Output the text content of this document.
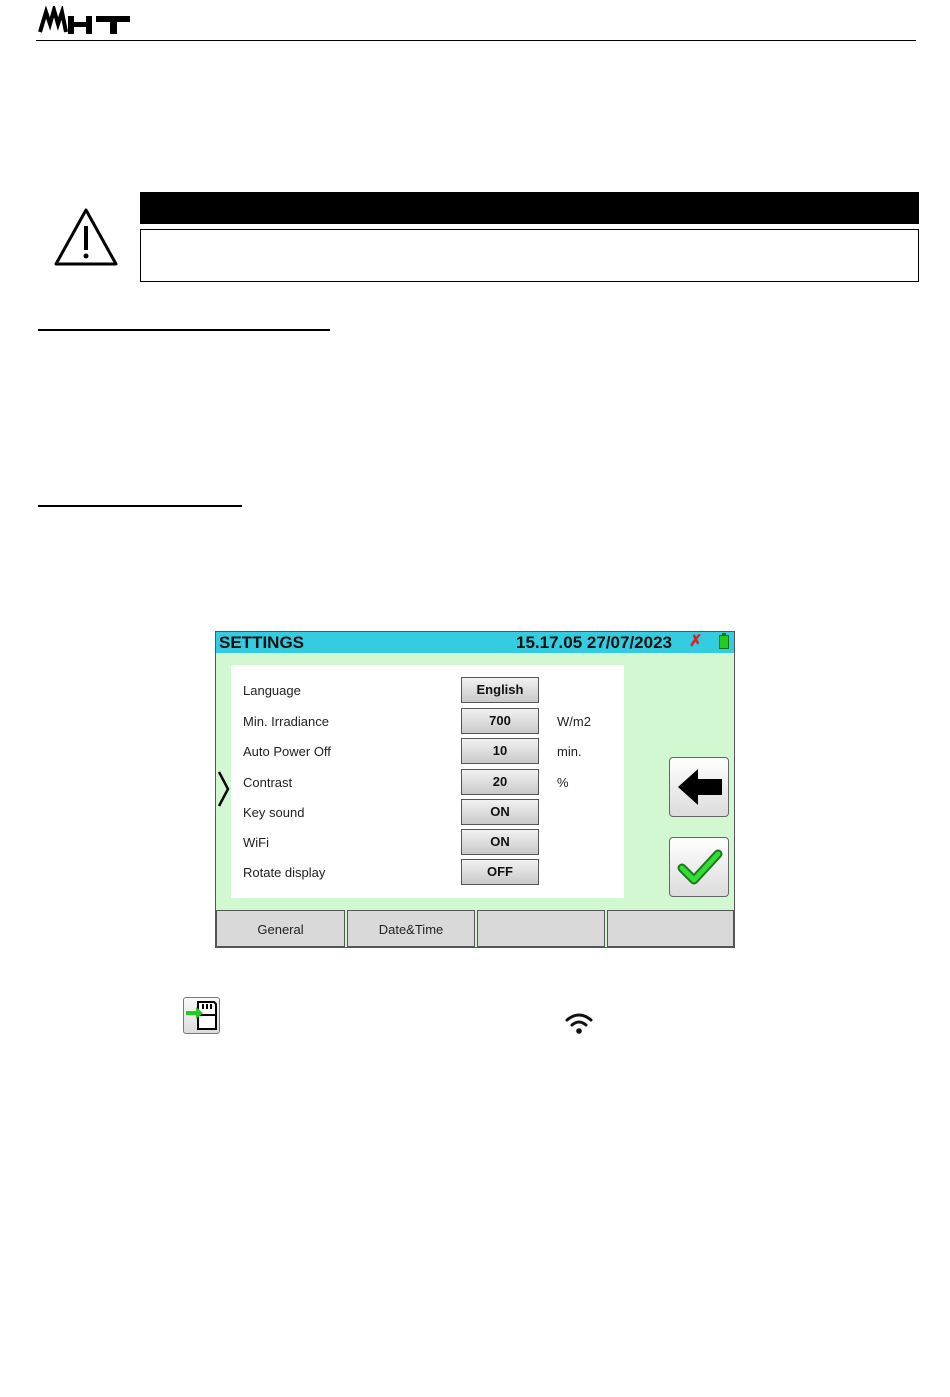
SETTINGS	15.17.05 27/07/2023 ✗
Language	English
Min. Irradiance	700	W/m2
Auto Power Off	10	min.
Contrast	20	%
Key sound	ON
WiFi	ON
Rotate display	OFF
General	Date&Time
